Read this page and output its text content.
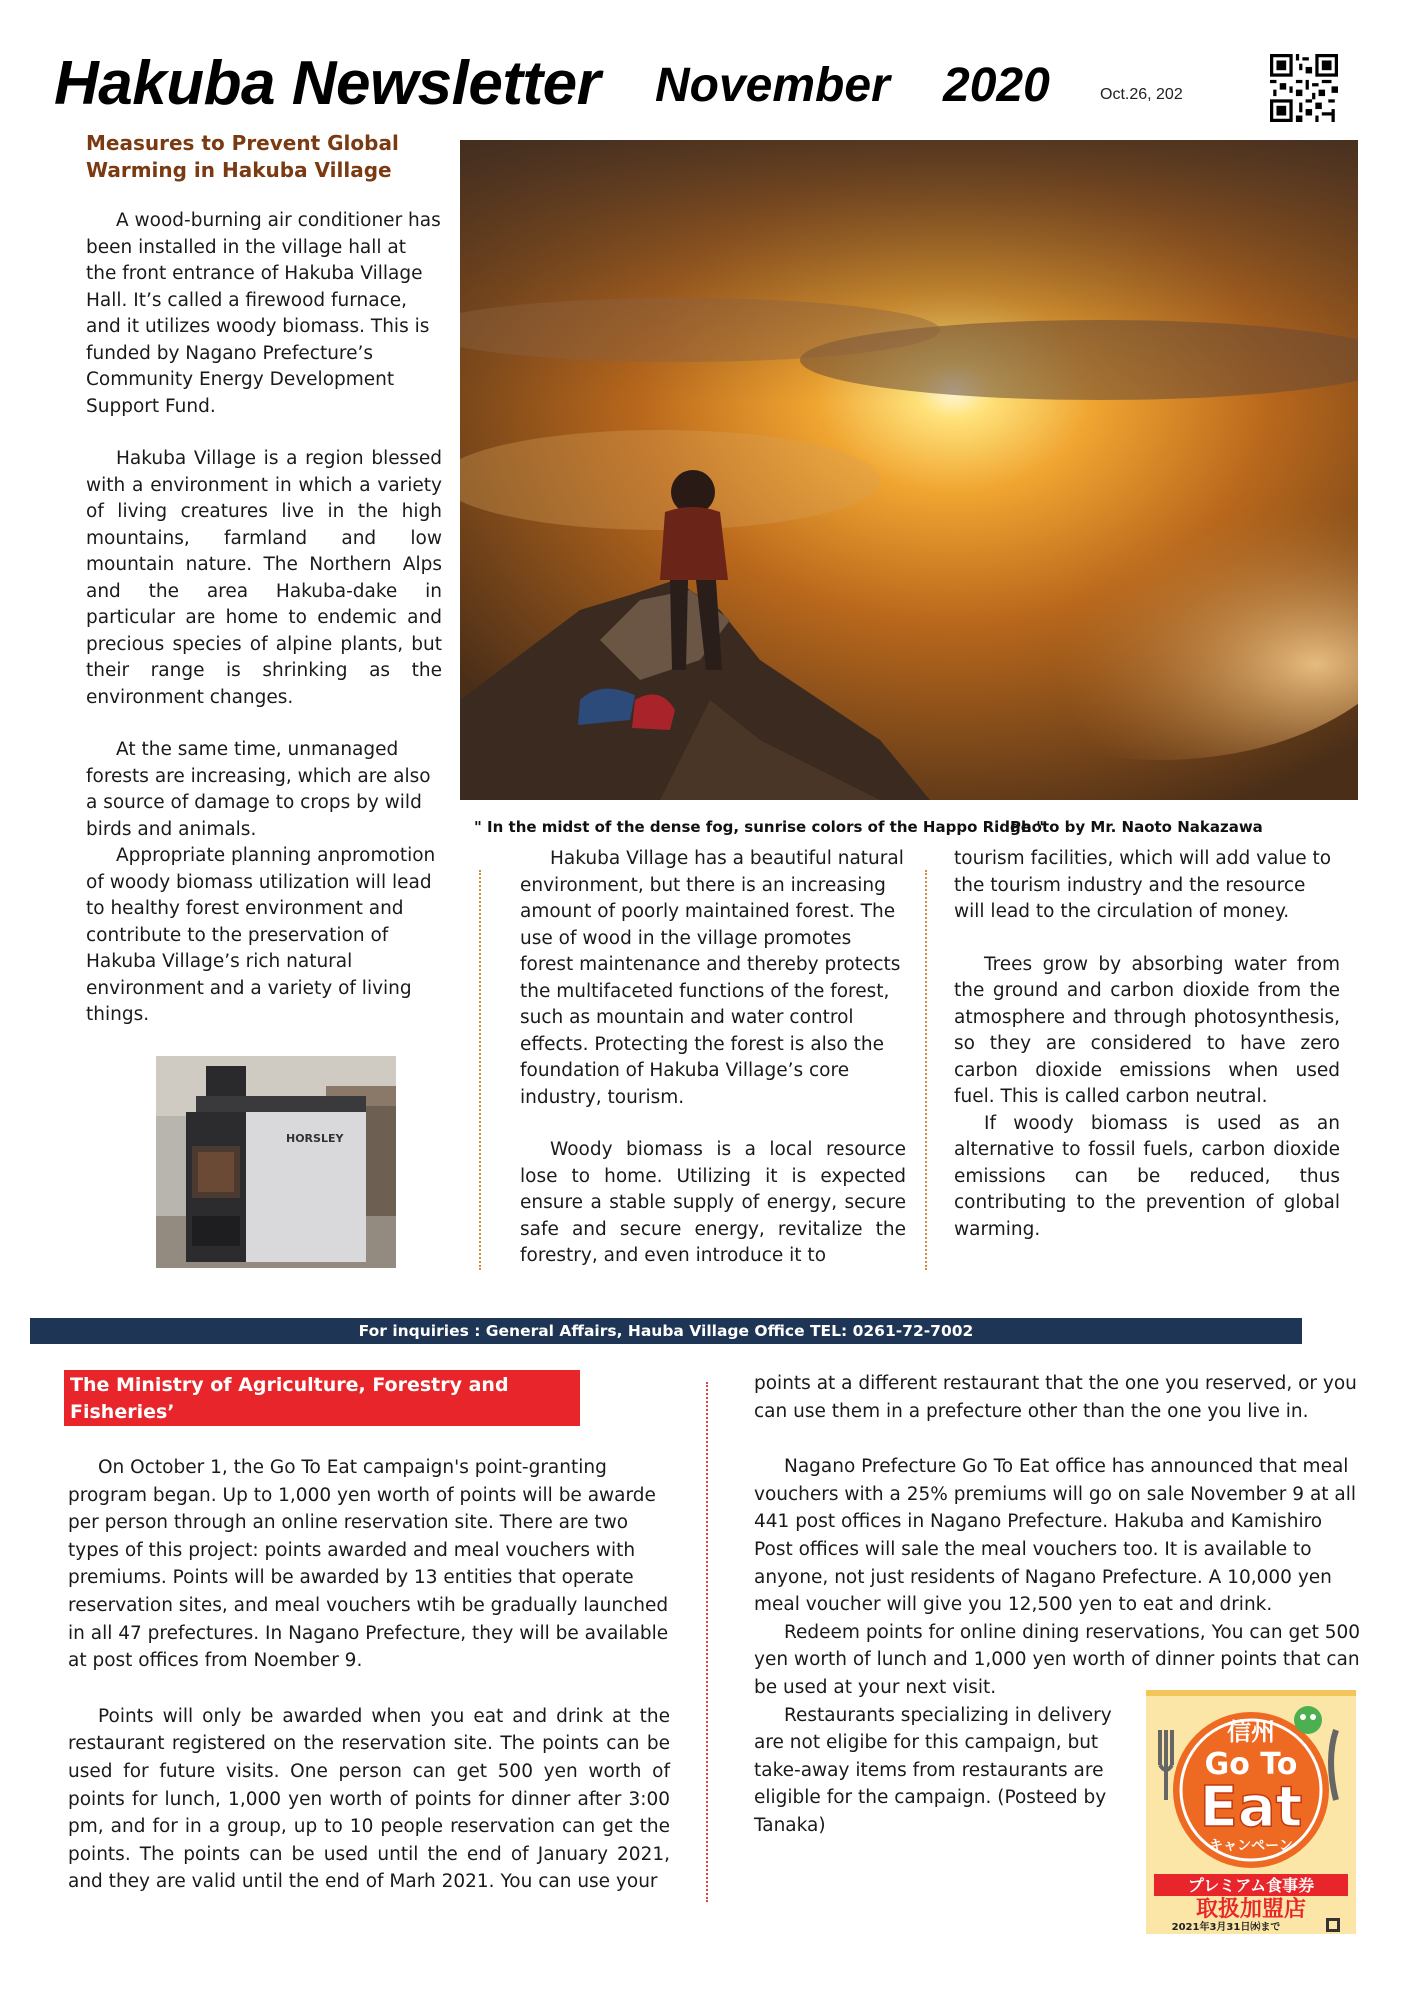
Hakuba Newsletter November 2020	Oct.26, 202
Measures to Prevent Global Warming in Hakuba Village

A wood-burning air conditioner has been installed in the village hall at the front entrance of Hakuba Village Hall. It’s called a firewood furnace, and it utilizes woody biomass. This is funded by Nagano Prefecture’s Community Energy Development Support Fund.

Hakuba Village is a region blessed with a environment in which a variety of living creatures live in the high mountains, farmland and low mountain nature. The Northern Alps and the area Hakuba-dake in particular are home to endemic and precious species of alpine plants, but their range is shrinking as the environment changes.

At the same time, unmanaged forests are increasing, which are also a source of damage to crops by wild birds and animals.

Appropriate planning anpromotion of woody biomass utilization will lead to healthy forest environment and contribute to the preservation of Hakuba Village’s rich natural environment and a variety of living things.

" In the midst of the dense fog, sunrise colors of the Happo Ridge "
Photo by Mr. Naoto Nakazawa
HORSLEY

Hakuba Village has a beautiful natural environment, but there is an increasing amount of poorly maintained forest. The use of wood in the village promotes forest maintenance and thereby protects the multifaceted functions of the forest, such as mountain and water control effects. Protecting the forest is also the foundation of Hakuba Village’s core industry, tourism.

Woody biomass is a local resource lose to home. Utilizing it is expected ensure a stable supply of energy, secure safe and secure energy, revitalize the forestry, and even introduce it to

tourism facilities, which will add value to the tourism industry and the resource will lead to the circulation of money.

Trees grow by absorbing water from the ground and carbon dioxide from the atmosphere and through photosynthesis, so they are considered to have zero carbon dioxide emissions when used fuel. This is called carbon neutral.

If woody biomass is used as an alternative to fossil fuels, carbon dioxide emissions can be reduced, thus contributing to the prevention of global warming.

For inquiries : General Affairs, Hauba Village Office TEL: 0261-72-7002
The Ministry of Agriculture, Forestry and Fisheries’
Project       “Go To Eat”

On October 1, the Go To Eat campaign's point-granting program began. Up to 1,000 yen worth of points will be awarde per person through an online reservation site. There are two types of this project: points awarded and meal vouchers with premiums. Points will be awarded by 13 entities that operate reservation sites, and meal vouchers wtih be gradually launched in all 47 prefectures. In Nagano Prefecture, they will be available at post offices from Noember 9.

Points will only be awarded when you eat and drink at the restaurant registered on the reservation site. The points can be used for future visits. One person can get 500 yen worth of points for lunch, 1,000 yen worth of points for dinner after 3:00 pm, and for in a group, up to 10 people reservation can get the points. The points can be used until the end of January 2021, and they are valid until the end of Marh 2021. You can use your

points at a different restaurant that the one you reserved, or you can use them in a prefecture other than the one you live in.

Nagano Prefecture Go To Eat office has announced that meal vouchers with a 25% premiums will go on sale November 9 at all 441 post offices in Nagano Prefecture. Hakuba and Kamishiro Post offices will sale the meal vouchers too. It is available to anyone, not just residents of Nagano Prefecture. A 10,000 yen meal voucher will give you 12,500 yen to eat and drink.

Redeem points for online dining reservations, You can get 500 yen worth of lunch and 1,000 yen worth of dinner points that can be used at your next visit.

Restaurants specializing in delivery are not eligibe for this campaign, but take-away items from restaurants are eligible for the campaign. (Posteed by Tanaka)

信州
Go To
Eat
キャンペーン
プレミアム食事券
取扱加盟店
2021年3月31日㈬まで
